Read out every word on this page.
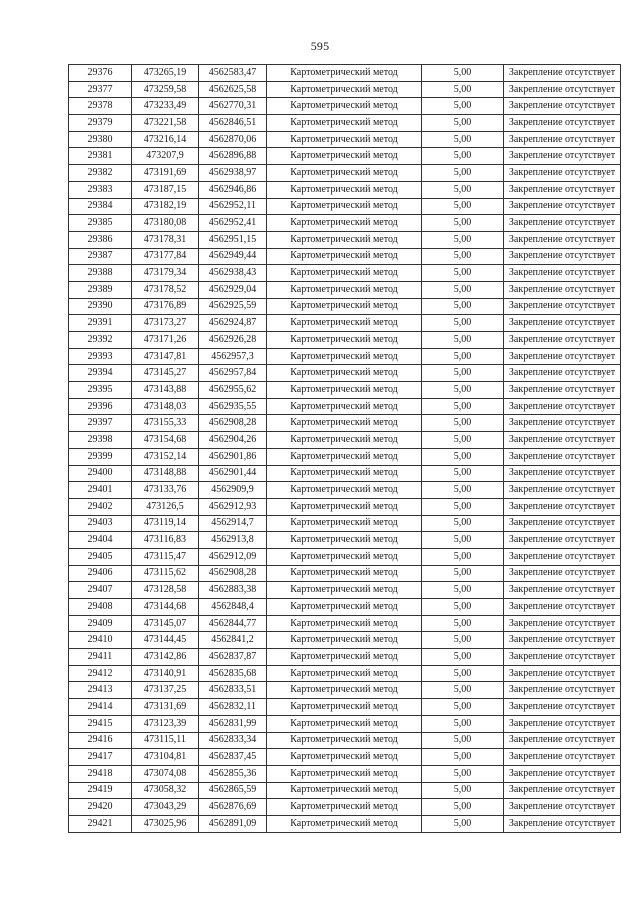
595
29376	473265,19	4562583,47	Картометрический метод	5,00	Закрепление отсутствует
29377	473259,58	4562625,58	Картометрический метод	5,00	Закрепление отсутствует
29378	473233,49	4562770,31	Картометрический метод	5,00	Закрепление отсутствует
29379	473221,58	4562846,51	Картометрический метод	5,00	Закрепление отсутствует
29380	473216,14	4562870,06	Картометрический метод	5,00	Закрепление отсутствует
29381	473207,9	4562896,88	Картометрический метод	5,00	Закрепление отсутствует
29382	473191,69	4562938,97	Картометрический метод	5,00	Закрепление отсутствует
29383	473187,15	4562946,86	Картометрический метод	5,00	Закрепление отсутствует
29384	473182,19	4562952,11	Картометрический метод	5,00	Закрепление отсутствует
29385	473180,08	4562952,41	Картометрический метод	5,00	Закрепление отсутствует
29386	473178,31	4562951,15	Картометрический метод	5,00	Закрепление отсутствует
29387	473177,84	4562949,44	Картометрический метод	5,00	Закрепление отсутствует
29388	473179,34	4562938,43	Картометрический метод	5,00	Закрепление отсутствует
29389	473178,52	4562929,04	Картометрический метод	5,00	Закрепление отсутствует
29390	473176,89	4562925,59	Картометрический метод	5,00	Закрепление отсутствует
29391	473173,27	4562924,87	Картометрический метод	5,00	Закрепление отсутствует
29392	473171,26	4562926,28	Картометрический метод	5,00	Закрепление отсутствует
29393	473147,81	4562957,3	Картометрический метод	5,00	Закрепление отсутствует
29394	473145,27	4562957,84	Картометрический метод	5,00	Закрепление отсутствует
29395	473143,88	4562955,62	Картометрический метод	5,00	Закрепление отсутствует
29396	473148,03	4562935,55	Картометрический метод	5,00	Закрепление отсутствует
29397	473155,33	4562908,28	Картометрический метод	5,00	Закрепление отсутствует
29398	473154,68	4562904,26	Картометрический метод	5,00	Закрепление отсутствует
29399	473152,14	4562901,86	Картометрический метод	5,00	Закрепление отсутствует
29400	473148,88	4562901,44	Картометрический метод	5,00	Закрепление отсутствует
29401	473133,76	4562909,9	Картометрический метод	5,00	Закрепление отсутствует
29402	473126,5	4562912,93	Картометрический метод	5,00	Закрепление отсутствует
29403	473119,14	4562914,7	Картометрический метод	5,00	Закрепление отсутствует
29404	473116,83	4562913,8	Картометрический метод	5,00	Закрепление отсутствует
29405	473115,47	4562912,09	Картометрический метод	5,00	Закрепление отсутствует
29406	473115,62	4562908,28	Картометрический метод	5,00	Закрепление отсутствует
29407	473128,58	4562883,38	Картометрический метод	5,00	Закрепление отсутствует
29408	473144,68	4562848,4	Картометрический метод	5,00	Закрепление отсутствует
29409	473145,07	4562844,77	Картометрический метод	5,00	Закрепление отсутствует
29410	473144,45	4562841,2	Картометрический метод	5,00	Закрепление отсутствует
29411	473142,86	4562837,87	Картометрический метод	5,00	Закрепление отсутствует
29412	473140,91	4562835,68	Картометрический метод	5,00	Закрепление отсутствует
29413	473137,25	4562833,51	Картометрический метод	5,00	Закрепление отсутствует
29414	473131,69	4562832,11	Картометрический метод	5,00	Закрепление отсутствует
29415	473123,39	4562831,99	Картометрический метод	5,00	Закрепление отсутствует
29416	473115,11	4562833,34	Картометрический метод	5,00	Закрепление отсутствует
29417	473104,81	4562837,45	Картометрический метод	5,00	Закрепление отсутствует
29418	473074,08	4562855,36	Картометрический метод	5,00	Закрепление отсутствует
29419	473058,32	4562865,59	Картометрический метод	5,00	Закрепление отсутствует
29420	473043,29	4562876,69	Картометрический метод	5,00	Закрепление отсутствует
29421	473025,96	4562891,09	Картометрический метод	5,00	Закрепление отсутствует
